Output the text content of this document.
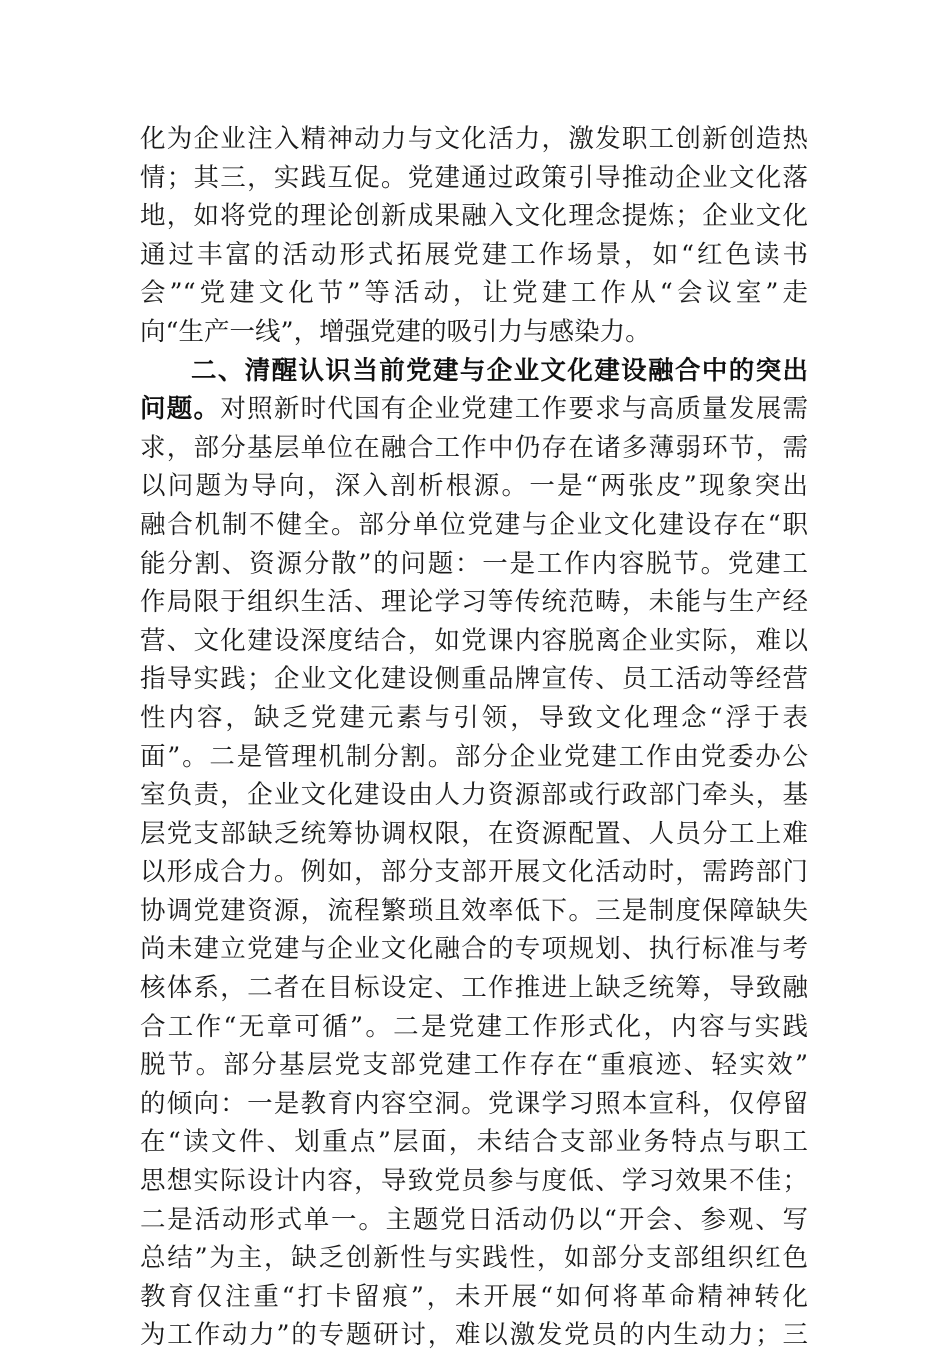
化为企业注入精神动力与文化活力，激发职工创新创造热
情；其三，实践互促。党建通过政策引导推动企业文化落
地，如将党的理论创新成果融入文化理念提炼；企业文化
通过丰富的活动形式拓展党建工作场景，如“红色读书
会”“党建文化节”等活动，让党建工作从“会议室”走
向“生产一线”，增强党建的吸引力与感染力。
二、清醒认识当前党建与企业文化建设融合中的突出
问题。对照新时代国有企业党建工作要求与高质量发展需
求，部分基层单位在融合工作中仍存在诸多薄弱环节，需
以问题为导向，深入剖析根源。一是“两张皮”现象突出
融合机制不健全。部分单位党建与企业文化建设存在“职
能分割、资源分散”的问题：一是工作内容脱节。党建工
作局限于组织生活、理论学习等传统范畴，未能与生产经
营、文化建设深度结合，如党课内容脱离企业实际，难以
指导实践；企业文化建设侧重品牌宣传、员工活动等经营
性内容，缺乏党建元素与引领，导致文化理念“浮于表
面”。二是管理机制分割。部分企业党建工作由党委办公
室负责，企业文化建设由人力资源部或行政部门牵头，基
层党支部缺乏统筹协调权限，在资源配置、人员分工上难
以形成合力。例如，部分支部开展文化活动时，需跨部门
协调党建资源，流程繁琐且效率低下。三是制度保障缺失
尚未建立党建与企业文化融合的专项规划、执行标准与考
核体系，二者在目标设定、工作推进上缺乏统筹，导致融
合工作“无章可循”。二是党建工作形式化，内容与实践
脱节。部分基层党支部党建工作存在“重痕迹、轻实效”
的倾向：一是教育内容空洞。党课学习照本宣科，仅停留
在“读文件、划重点”层面，未结合支部业务特点与职工
思想实际设计内容，导致党员参与度低、学习效果不佳；
二是活动形式单一。主题党日活动仍以“开会、参观、写
总结”为主，缺乏创新性与实践性，如部分支部组织红色
教育仅注重“打卡留痕”，未开展“如何将革命精神转化
为工作动力”的专题研讨，难以激发党员的内生动力；三
